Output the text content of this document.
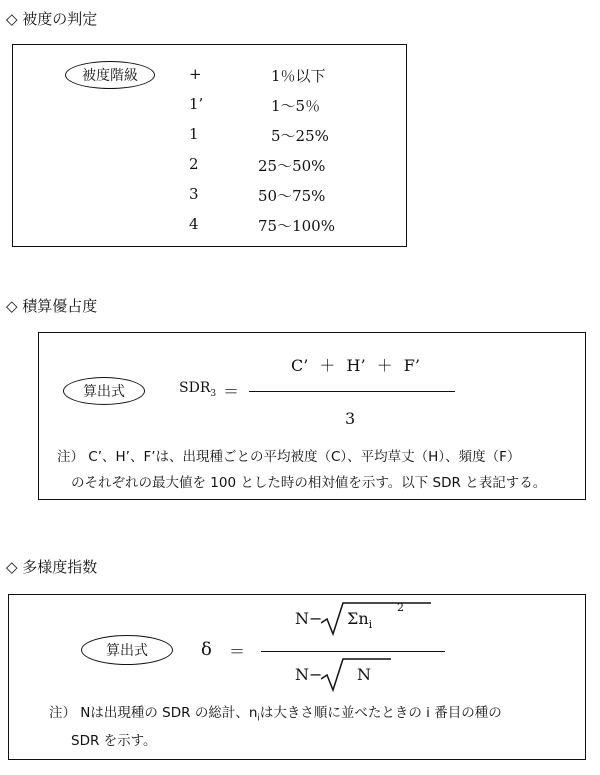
◇ 被度の判定
被度階級	+	1％以下
1’	1～5％
1	5～25%
2	25～50%
3	50～75%
4	75～100%
◇ 積算優占度
算出式	$SDR_3$ ＝
C’ ＋ H’ ＋ F’
3
注） C’、H’、F’は、出現種ごとの平均被度（C）、平均草丈（H）、頻度（F）
のそれぞれの最大値を 100 とした時の相対値を示す。以下 SDR と表記する。
◇ 多様度指数
算出式	δ ＝
$N- \Sigma n_i$
2
N− N
注） Nは出現種の SDR の総計、$n_i$は大きさ順に並べたときの i 番目の種の
SDR を示す。
